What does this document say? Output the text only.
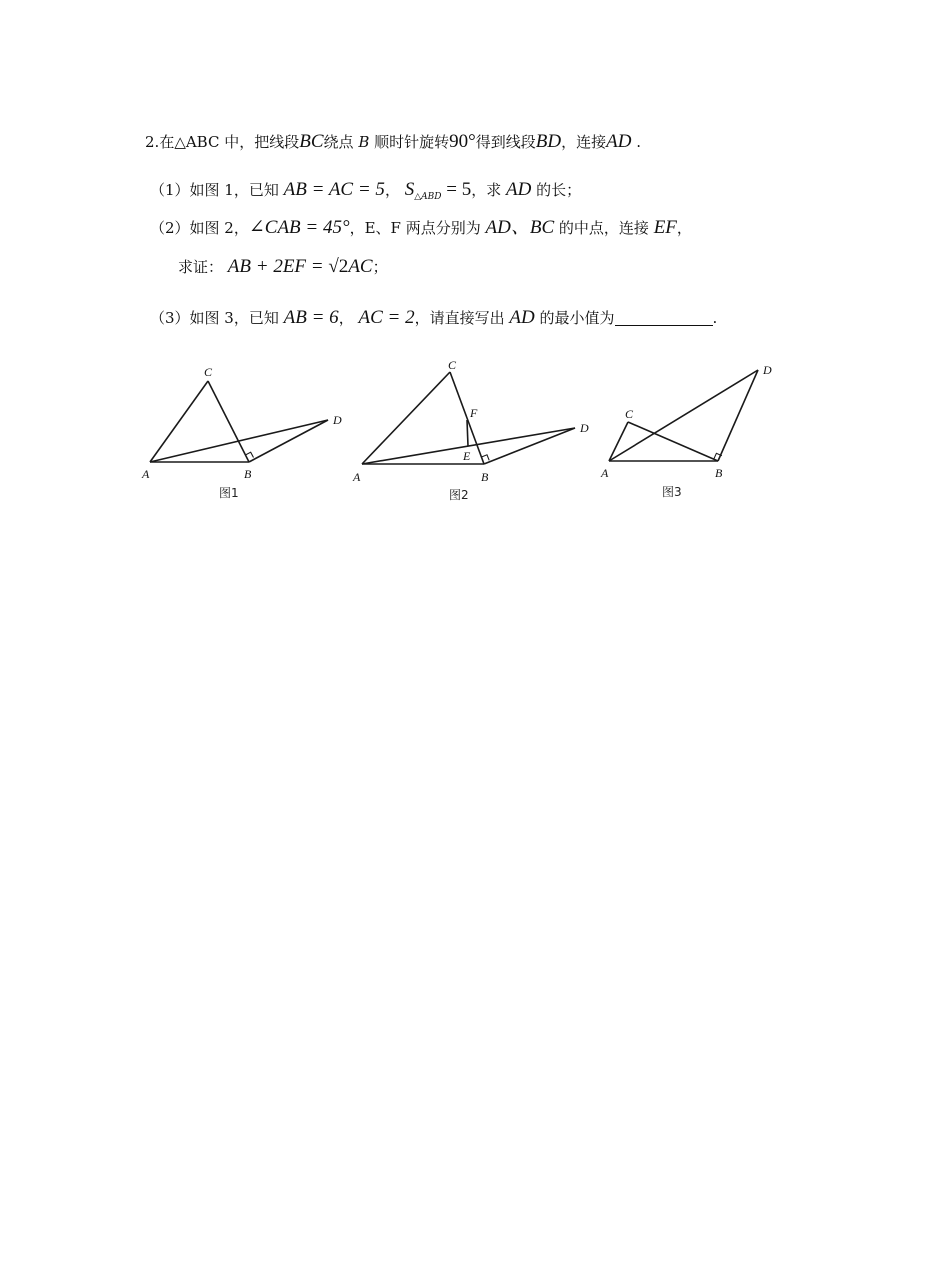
2.在△ABC 中，把线段BC绕点 B 顺时针旋转90°得到线段BD，连接AD .
（1）如图 1，已知 AB = AC = 5， $S_{\triangle ABD} = 5$，求 AD 的长；
（2）如图 2，∠CAB = 45°，E、F 两点分别为 AD、BC 的中点，连接 EF，
求证： AB + 2EF = √2AC；
（3）如图 3，已知 AB = 6， AC = 2，请直接写出 AD 的最小值为	.
A	B
C
D
A	B
C
D
E
F
A	B
C
D
图1	图2	图3
